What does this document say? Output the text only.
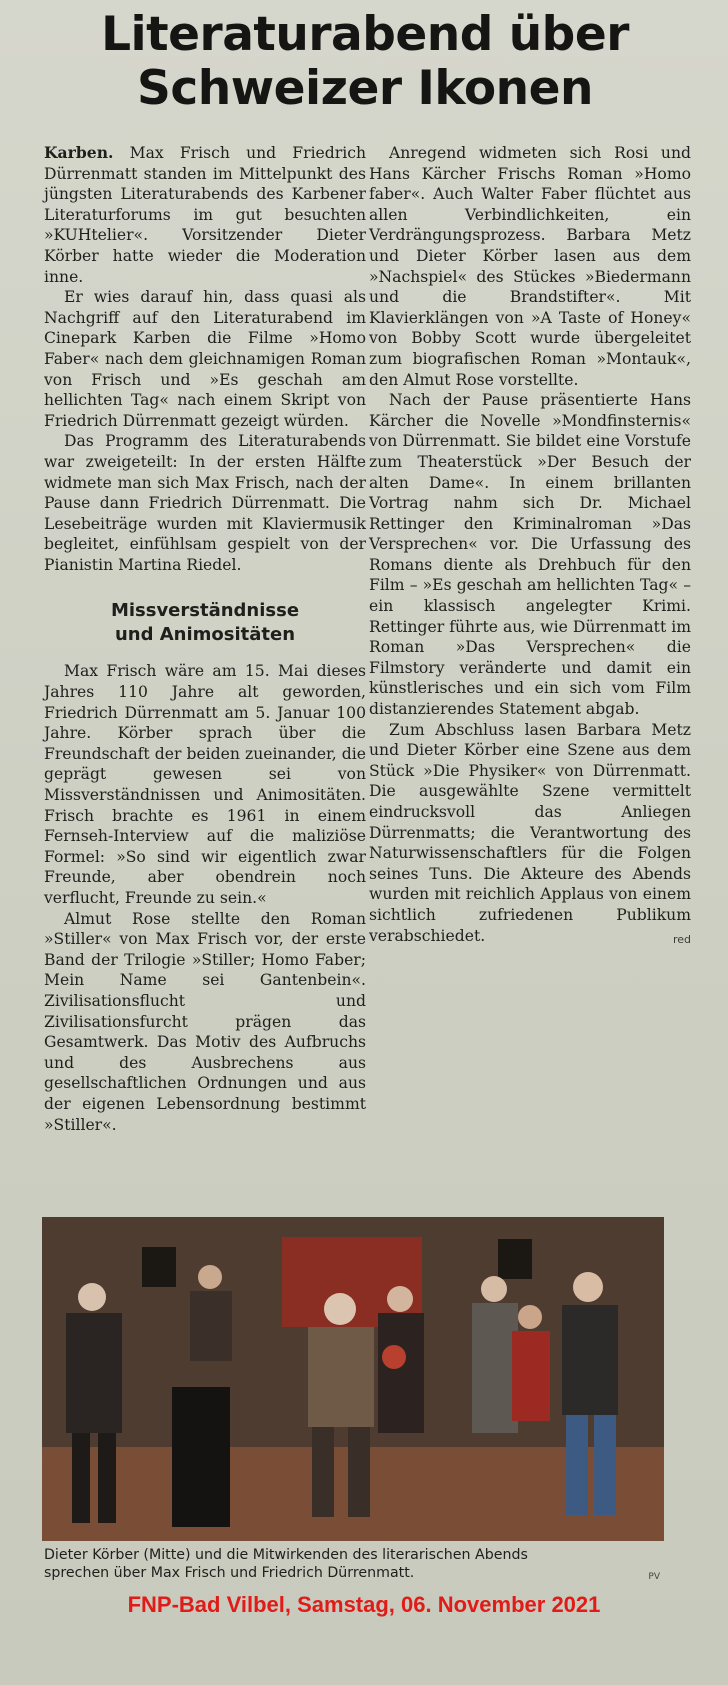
Literaturabend über
Schweizer Ikonen

Karben. Max Frisch und Friedrich Dürrenmatt standen im Mittelpunkt des jüngsten Literaturabends des Karbener Literaturforums im gut besuchten »KUHtelier«. Vorsitzender Dieter Körber hatte wieder die Moderation inne.

Er wies darauf hin, dass quasi als Nachgriff auf den Literaturabend im Cinepark Karben die Filme »Homo Faber« nach dem gleichnamigen Roman von Frisch und »Es geschah am hellichten Tag« nach einem Skript von Friedrich Dürrenmatt gezeigt würden.

Das Programm des Literaturabends war zweigeteilt: In der ersten Hälfte widmete man sich Max Frisch, nach der Pause dann Friedrich Dürrenmatt. Die Lesebeiträge wurden mit Klaviermusik begleitet, einfühlsam gespielt von der Pianistin Martina Riedel.

Missverständnisse
und Animositäten

Max Frisch wäre am 15. Mai dieses Jahres 110 Jahre alt geworden, Friedrich Dürrenmatt am 5. Januar 100 Jahre. Körber sprach über die Freundschaft der beiden zueinander, die geprägt gewesen sei von Missverständnissen und Animositäten. Frisch brachte es 1961 in einem Fernseh-Interview auf die maliziöse Formel: »So sind wir eigentlich zwar Freunde, aber obendrein noch verflucht, Freunde zu sein.«

Almut Rose stellte den Roman »Stiller« von Max Frisch vor, der erste Band der Trilogie »Stiller; Homo Faber; Mein Name sei Gantenbein«. Zivilisationsflucht und Zivilisationsfurcht prägen das Gesamtwerk. Das Motiv des Aufbruchs und des Ausbrechens aus gesellschaftlichen Ordnungen und aus der eigenen Lebensordnung bestimmt »Stiller«.

Anregend widmeten sich Rosi und Hans Kärcher Frischs Roman »Homo faber«. Auch Walter Faber flüchtet aus allen Verbindlichkeiten, ein Verdrängungsprozess. Barbara Metz und Dieter Körber lasen aus dem »Nachspiel« des Stückes »Biedermann und die Brandstifter«. Mit Klavierklängen von »A Taste of Honey« von Bobby Scott wurde übergeleitet zum biografischen Roman »Montauk«, den Almut Rose vorstellte.

Nach der Pause präsentierte Hans Kärcher die Novelle »Mondfinsternis« von Dürrenmatt. Sie bildet eine Vorstufe zum Theaterstück »Der Besuch der alten Dame«. In einem brillanten Vortrag nahm sich Dr. Michael Rettinger den Kriminalroman »Das Versprechen« vor. Die Urfassung des Romans diente als Drehbuch für den Film – »Es geschah am hellichten Tag« – ein klassisch angelegter Krimi. Rettinger führte aus, wie Dürrenmatt im Roman »Das Versprechen« die Filmstory veränderte und damit ein künstlerisches und ein sich vom Film distanzierendes Statement abgab.

Zum Abschluss lasen Barbara Metz und Dieter Körber eine Szene aus dem Stück »Die Physiker« von Dürrenmatt. Die ausgewählte Szene vermittelt eindrucksvoll das Anliegen Dürrenmatts; die Verantwortung des Naturwissenschaftlers für die Folgen seines Tuns. Die Akteure des Abends wurden mit reichlich Applaus von einem sichtlich zufriedenen Publikum verabschiedet.	red

Dieter Körber (Mitte) und die Mitwirkenden des literarischen Abends
sprechen über Max Frisch und Friedrich Dürrenmatt.	PV
FNP-Bad Vilbel, Samstag, 06. November 2021
